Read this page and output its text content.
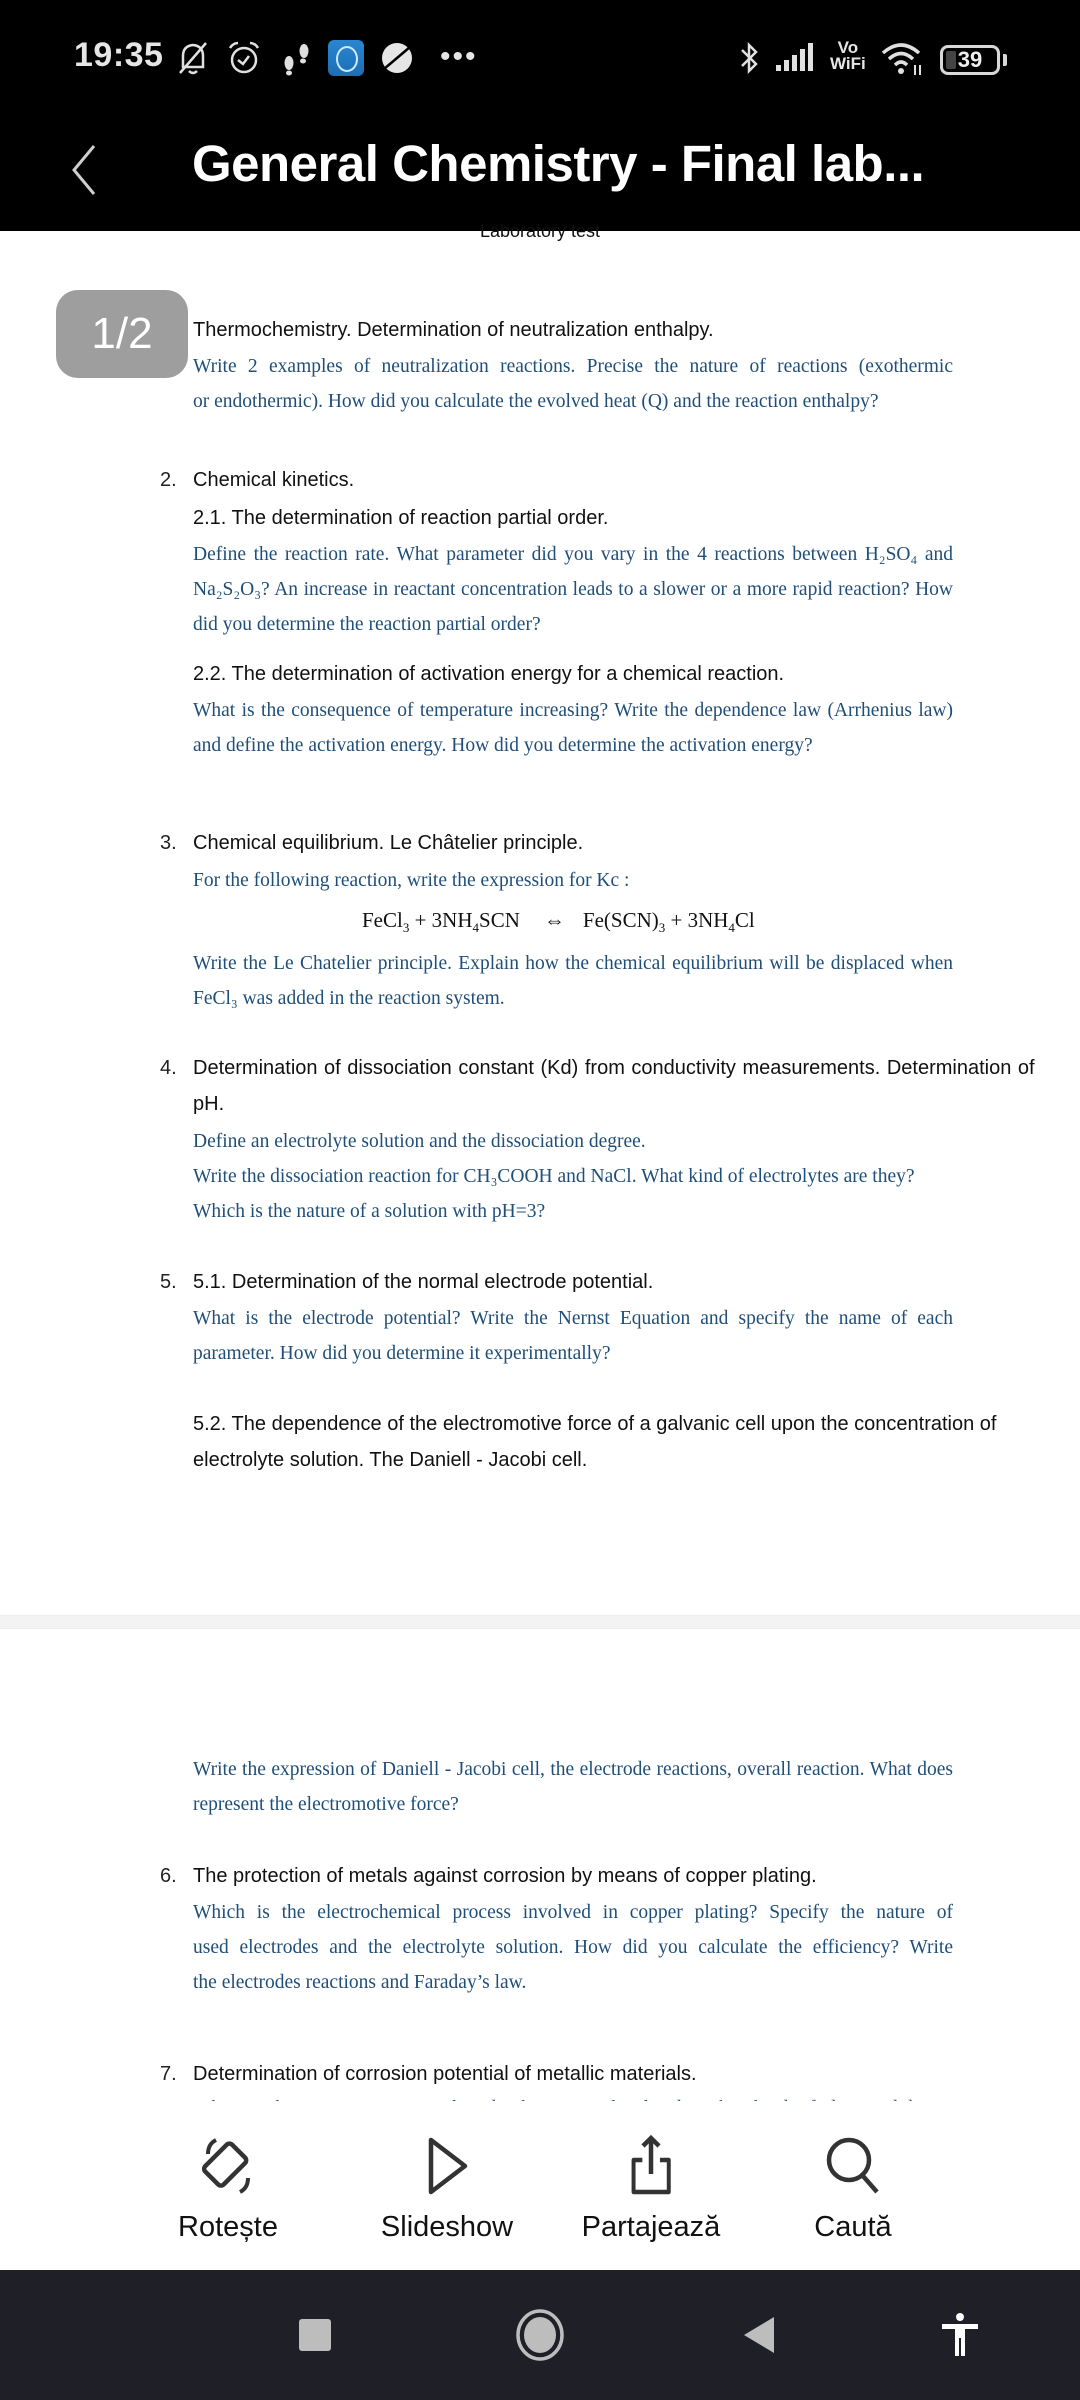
19:35	•••	Vo
WiFi	39
General Chemistry - Final lab...
Laboratory test
Thermochemistry. Determination of neutralization enthalpy.
Write 2 examples of neutralization reactions. Precise the nature of reactions (exothermic
or endothermic). How did you calculate the evolved heat (Q) and the reaction enthalpy?
2. Chemical kinetics.
2.1. The determination of reaction partial order.
Define the reaction rate. What parameter did you vary in the 4 reactions between H₂SO₄ and
Na₂S₂O₃? An increase in reactant concentration leads to a slower or a more rapid reaction? How
did you determine the reaction partial order?
2.2. The determination of activation energy for a chemical reaction.
What is the consequence of temperature increasing? Write the dependence law (Arrhenius law)
and define the activation energy. How did you determine the activation energy?
3. Chemical equilibrium. Le Châtelier principle.
For the following reaction, write the expression for Kc :
FeCl$_3$ + $3NH_4SCN$ ⇔ $Fe(SCN)_3 + 3NH_4Cl$
Write the Le Chatelier principle. Explain how the chemical equilibrium will be displaced when
FeCl₃ was added in the reaction system.
4. Determination of dissociation constant (Kd) from conductivity measurements. Determination of
pH.
Define an electrolyte solution and the dissociation degree.
Write the dissociation reaction for CH₃COOH and NaCl. What kind of electrolytes are they?
Which is the nature of a solution with pH=3?
5. 5.1. Determination of the normal electrode potential.
What is the electrode potential? Write the Nernst Equation and specify the name of each
parameter. How did you determine it experimentally?
5.2. The dependence of the electromotive force of a galvanic cell upon the concentration of
electrolyte solution. The Daniell - Jacobi cell.
Write the expression of Daniell - Jacobi cell, the electrode reactions, overall reaction. What does
represent the electromotive force?
6. The protection of metals against corrosion by means of copper plating.
Which is the electrochemical process involved in copper plating? Specify the nature of
used electrodes and the electrolyte solution. How did you calculate the efficiency? Write
the electrodes reactions and Faraday’s law.
7. Determination of corrosion potential of metallic materials.
1/2
Rotește	Slideshow Partajează	Caută
